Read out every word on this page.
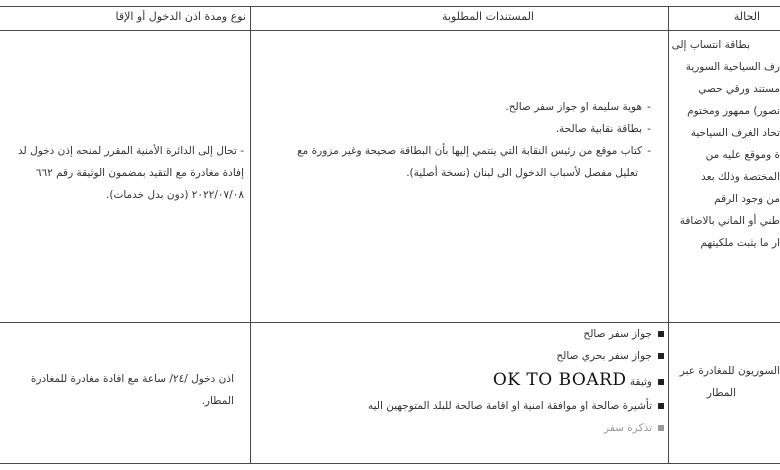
نوع ومدة اذن الدخول أو الإقا	المستندات المطلوبة	الحالة
بطاقة انتساب إلى
رف السياحية السورية
مستند ورقي حصي
نصور) ممهور ومختوم
تحاد الغرف السياحية
ة وموقع عليه من
المختصة وذلك بعد
من وجود الرقم
طني أو الماني بالاضافة
ار ما يثبت ملكيتهم
-هوية سليمة او جواز سفر صالح.
-بطاقة نقابية صالحة.
-كتاب موقع من رئيس النقابة التي ينتمي إليها بأن البطاقة صحيحة وغير مزورة مع
تعليل مفصل لأسباب الدخول الى لبنان (نسخة أصلية).
- تحال إلى الدائرة الأمنية المقرر لمنحه إذن دخول لد
إفادة مغادرة مع التقيد بمضمون الوثيقة رقم ٦٦٢
٢٠٢٢/٠٧/٠٨ (دون بدل خدمات).
السوريون للمغادرة عبر
المطار
جواز سفر صالح
جواز سفر بحري صالح
وثيقة OK TO BOARD
تأشيرة صالحة او موافقة امنية او اقامة صالحة للبلد المتوجهين اليه
تذكرة سفر
اذن دخول /٢٤/ ساعة مع افادة مغادرة للمغادرة
المطار.
